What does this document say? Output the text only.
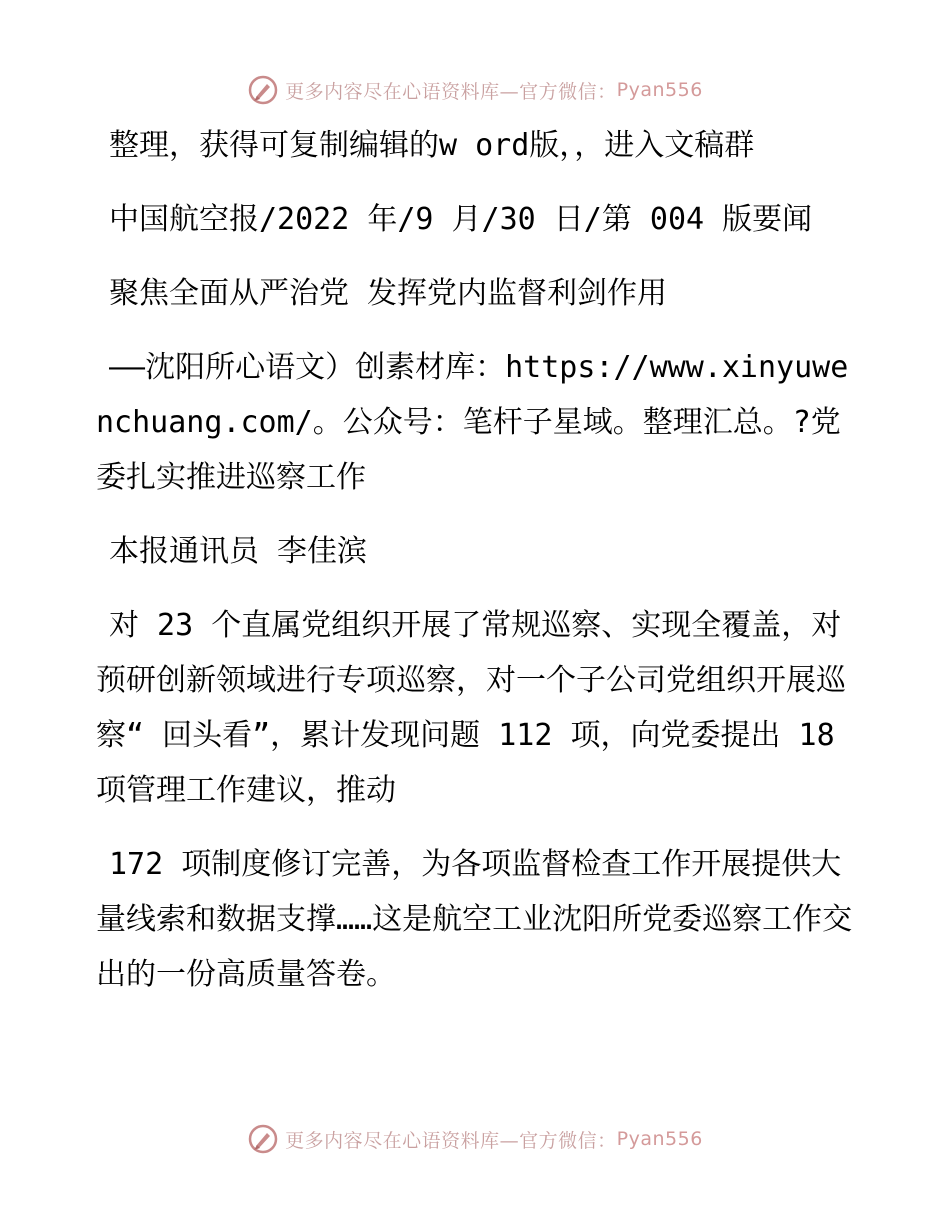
更多内容尽在心语资料库—官方微信： Pyan556

整理，获得可复制编辑的w ord版，，进入文稿群

中国航空报/2022 年/9 月/30 日/第 004 版要闻

聚焦全面从严治党 发挥党内监督利剑作用

——沈阳所心语文）创素材库：https://www.xinyuwenchuang.com/。公众号：笔杆子星域。整理汇总。?党委扎实推进巡察工作

本报通讯员 李佳滨

对 23 个直属党组织开展了常规巡察、实现全覆盖，对预研创新领域进行专项巡察，对一个子公司党组织开展巡察“ 回头看”，累计发现问题 112 项，向党委提出 18 项管理工作建议，推动

172 项制度修订完善，为各项监督检查工作开展提供大量线索和数据支撑……这是航空工业沈阳所党委巡察工作交出的一份高质量答卷。

更多内容尽在心语资料库—官方微信： Pyan556
